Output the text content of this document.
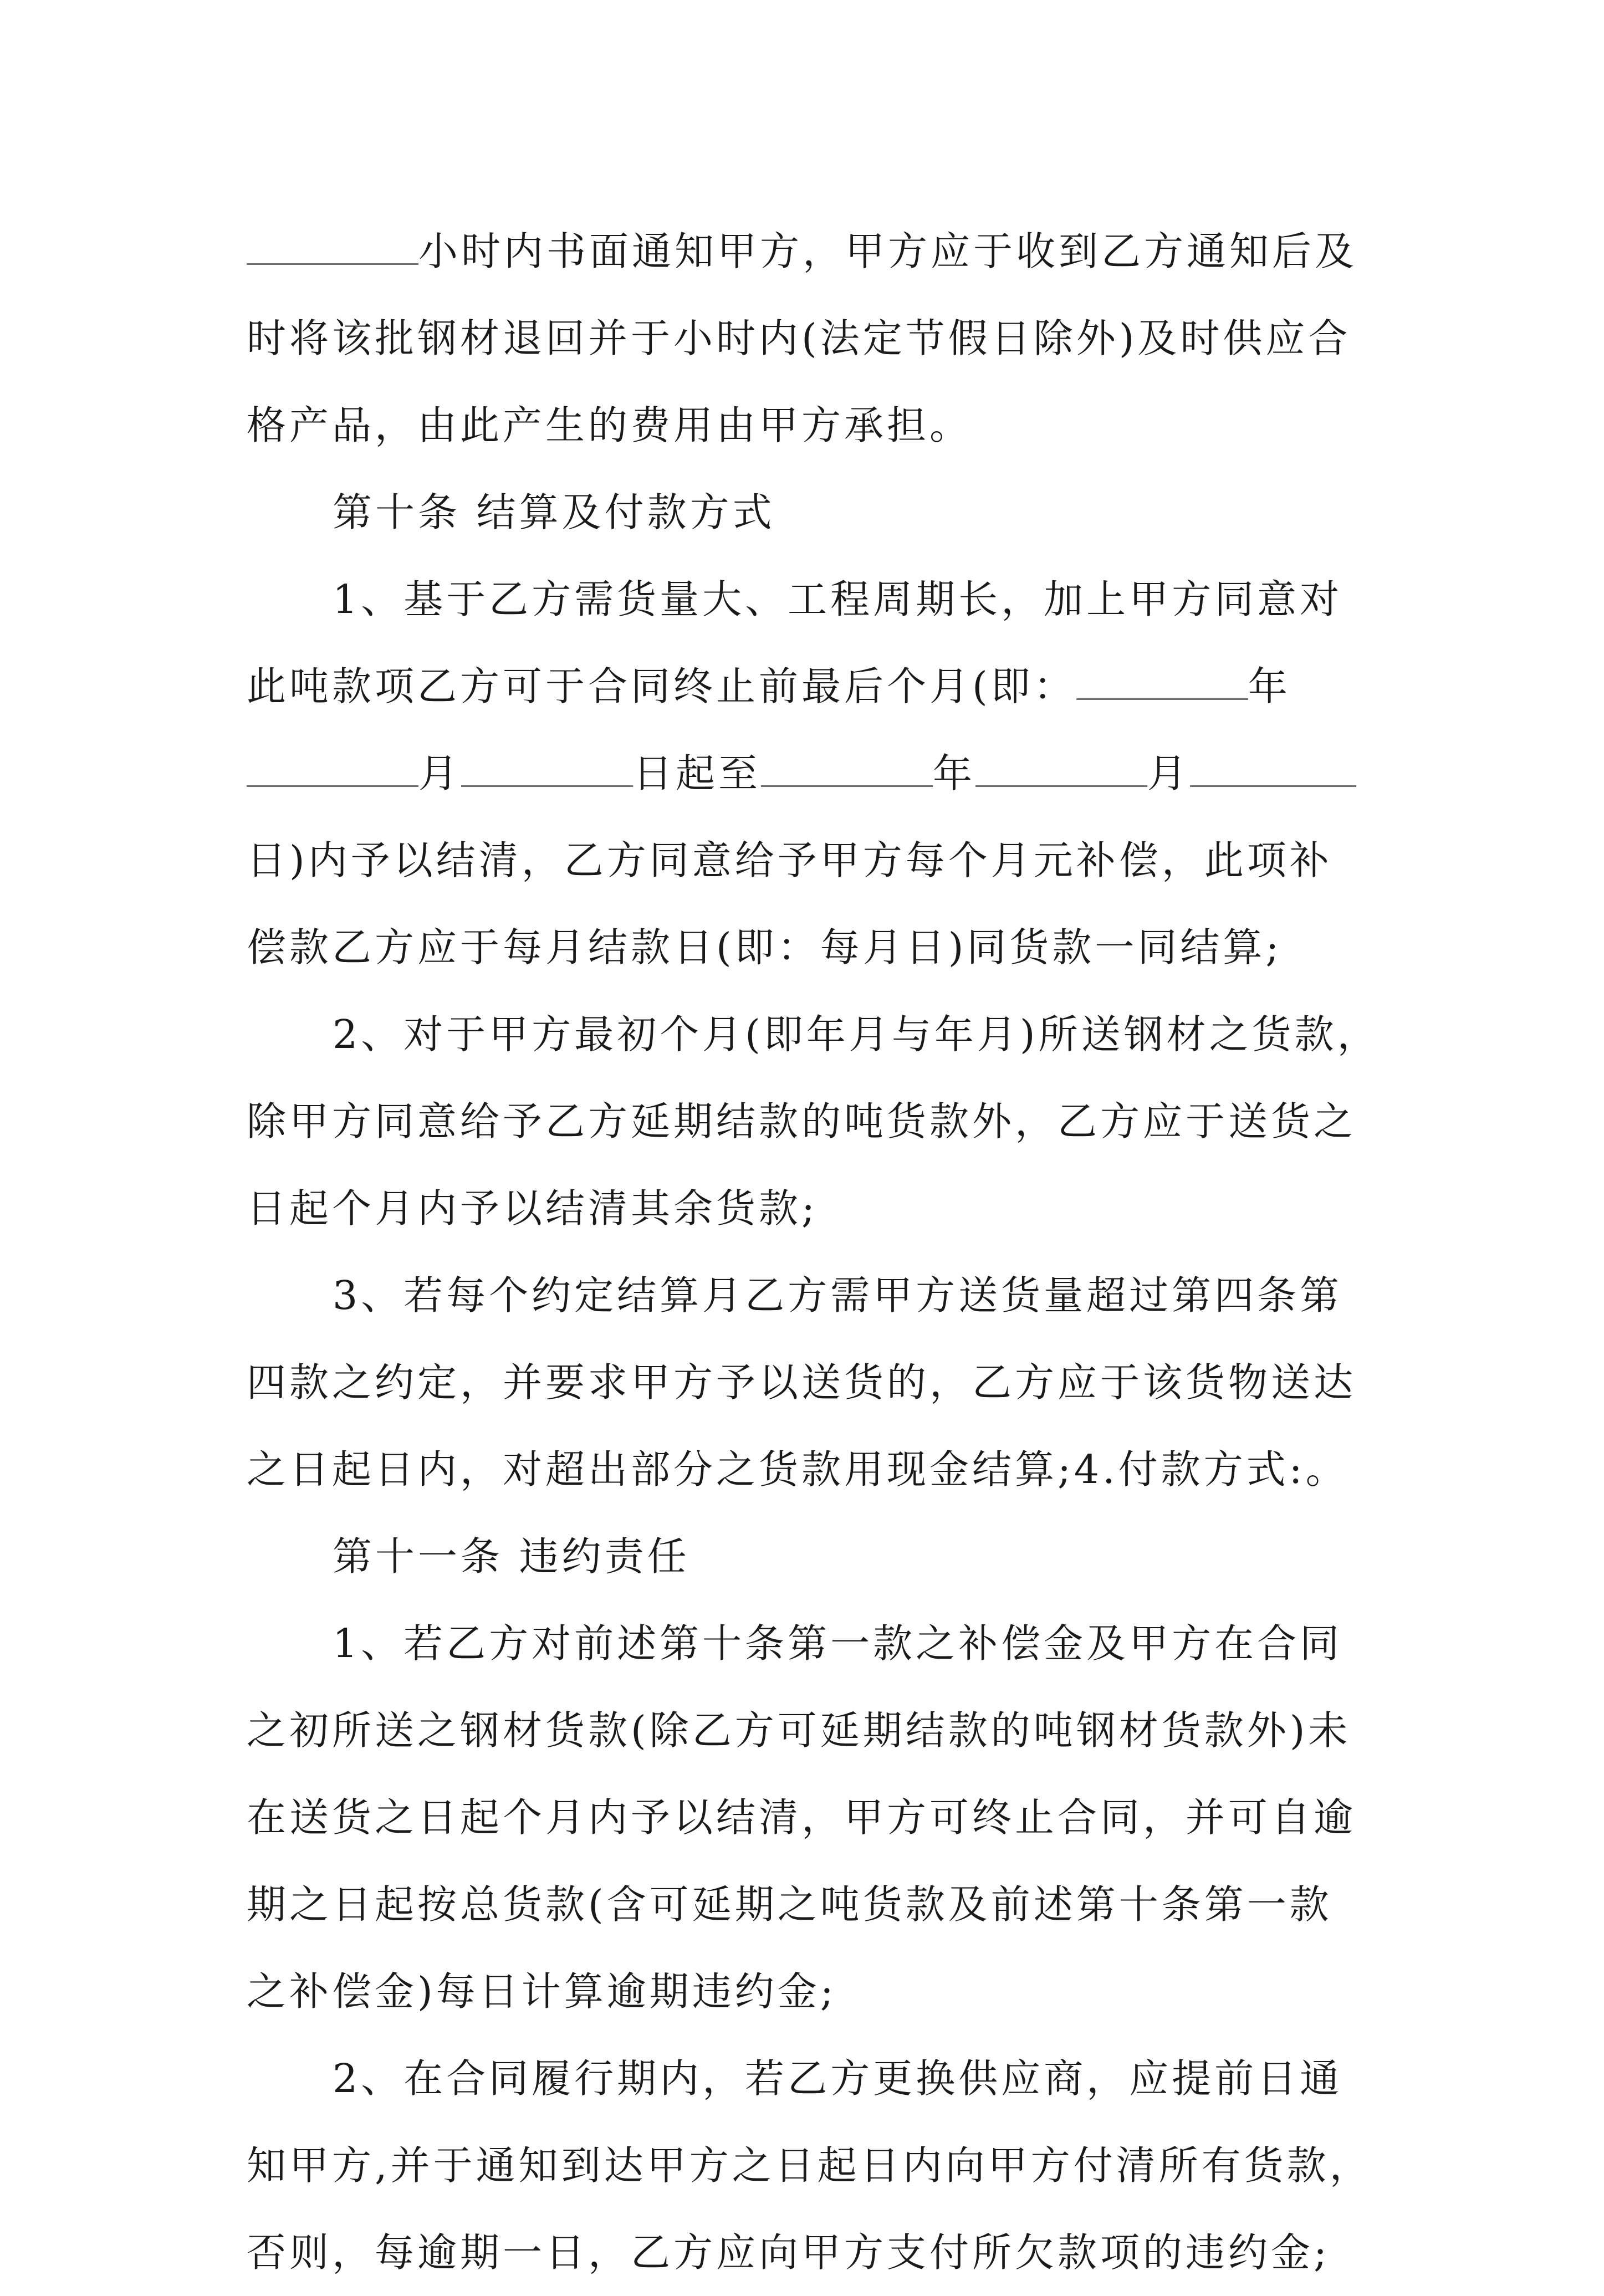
小时内书面通知甲方，甲方应于收到乙方通知后及
时将该批钢材退回并于小时内(法定节假日除外)及时供应合
格产品，由此产生的费用由甲方承担。
第十条 结算及付款方式
1、基于乙方需货量大、工程周期长，加上甲方同意对
此吨款项乙方可于合同终止前最后个月(即：	年
月	日起至	年	月
日)内予以结清，乙方同意给予甲方每个月元补偿，此项补
偿款乙方应于每月结款日(即：每月日)同货款一同结算;
2、对于甲方最初个月(即年月与年月)所送钢材之货款，
除甲方同意给予乙方延期结款的吨货款外，乙方应于送货之
日起个月内予以结清其余货款;
3、若每个约定结算月乙方需甲方送货量超过第四条第
四款之约定，并要求甲方予以送货的，乙方应于该货物送达
之日起日内，对超出部分之货款用现金结算;4.付款方式:。
第十一条 违约责任
1、若乙方对前述第十条第一款之补偿金及甲方在合同
之初所送之钢材货款(除乙方可延期结款的吨钢材货款外)未
在送货之日起个月内予以结清，甲方可终止合同，并可自逾
期之日起按总货款(含可延期之吨货款及前述第十条第一款
之补偿金)每日计算逾期违约金;
2、在合同履行期内，若乙方更换供应商，应提前日通
知甲方,并于通知到达甲方之日起日内向甲方付清所有货款，
否则，每逾期一日，乙方应向甲方支付所欠款项的违约金;
